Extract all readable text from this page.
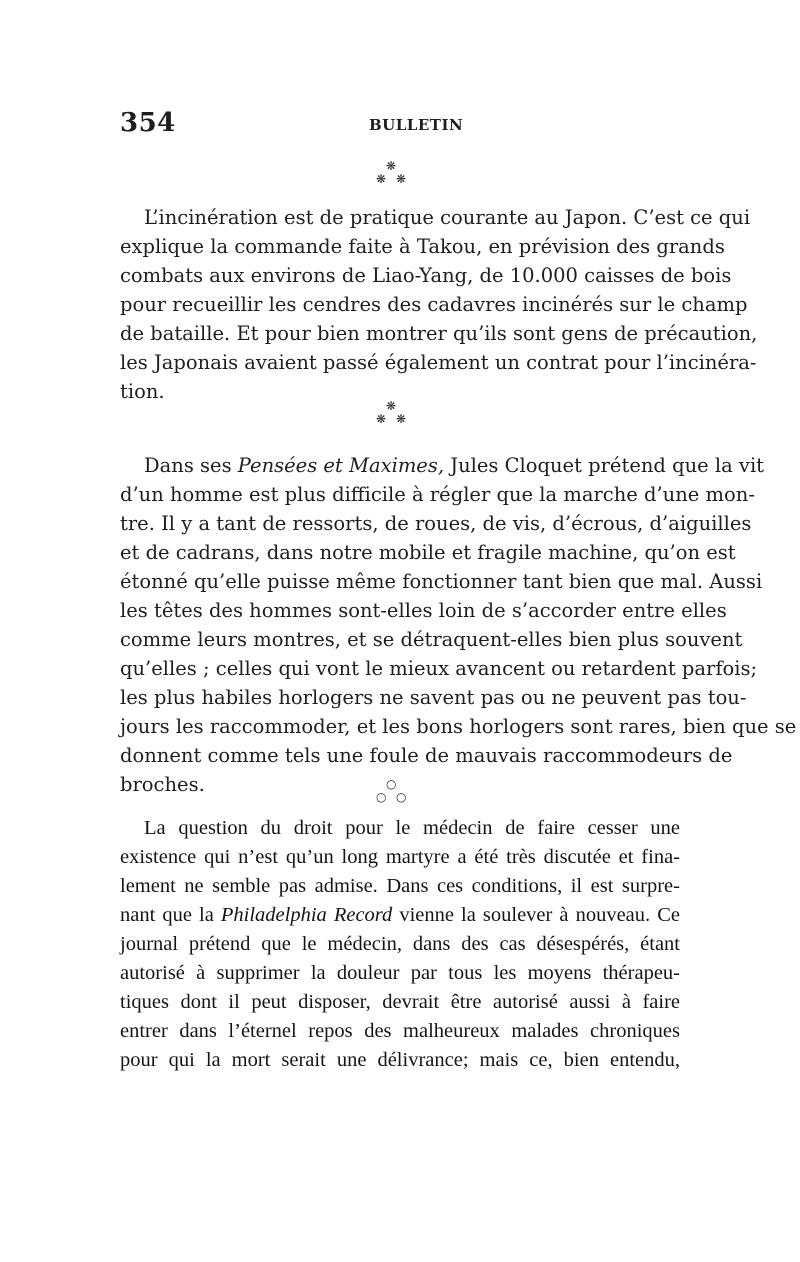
354	BULLETIN
❋
❋ ❋
L’incinération est de pratique courante au Japon. C’est ce qui
explique la commande faite à Takou, en prévision des grands
combats aux environs de Liao-Yang, de 10.000 caisses de bois
pour recueillir les cendres des cadavres incinérés sur le champ
de bataille. Et pour bien montrer qu’ils sont gens de précaution,
les Japonais avaient passé également un contrat pour l’incinéra-
tion.
❋
❋ ❋
Dans ses Pensées et Maximes, Jules Cloquet prétend que la vit
d’un homme est plus difficile à régler que la marche d’une mon-
tre. Il y a tant de ressorts, de roues, de vis, d’écrous, d’aiguilles
et de cadrans, dans notre mobile et fragile machine, qu’on est
étonné qu’elle puisse même fonctionner tant bien que mal. Aussi
les têtes des hommes sont-elles loin de s’accorder entre elles
comme leurs montres, et se détraquent-elles bien plus souvent
qu’elles ; celles qui vont le mieux avancent ou retardent parfois;
les plus habiles horlogers ne savent pas ou ne peuvent pas tou-
jours les raccommoder, et les bons horlogers sont rares, bien que se
donnent comme tels une foule de mauvais raccommodeurs de
broches.	○
○ ○
La question du droit pour le médecin de faire cesser une
existence qui n’est qu’un long martyre a été très discutée et fina-
lement ne semble pas admise. Dans ces conditions, il est surpre-
nant que la Philadelphia Record vienne la soulever à nouveau. Ce
journal prétend que le médecin, dans des cas désespérés, étant
autorisé à supprimer la douleur par tous les moyens thérapeu-
tiques dont il peut disposer, devrait être autorisé aussi à faire
entrer dans l’éternel repos des malheureux malades chroniques
pour qui la mort serait une délivrance; mais ce, bien entendu,
